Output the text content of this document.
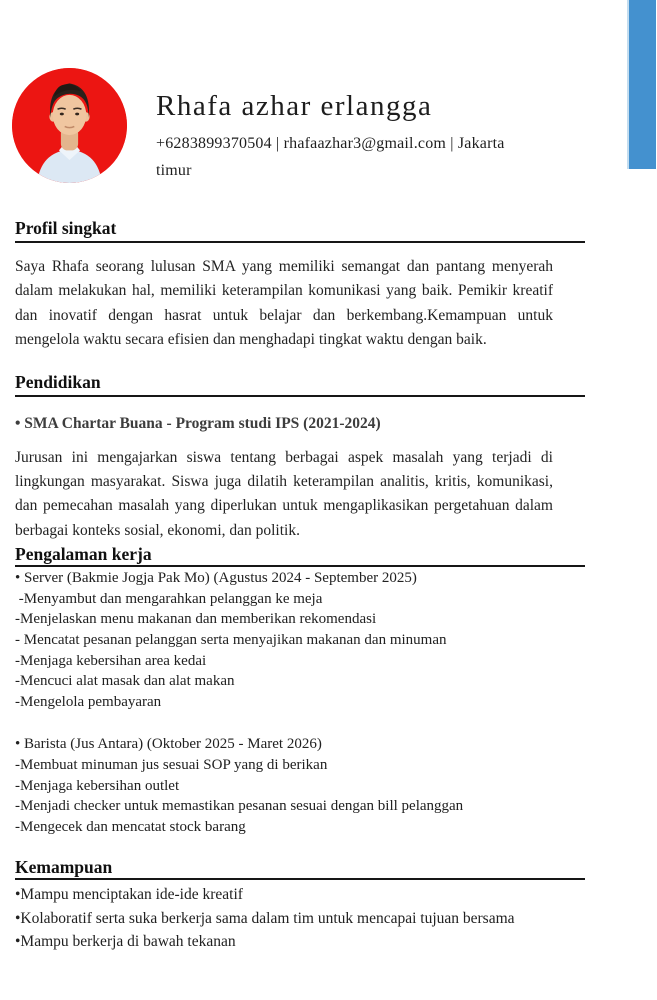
Rhafa azhar erlangga
+6283899370504 | rhafaazhar3@gmail.com | Jakarta
timur
Profil singkat

Saya Rhafa seorang lulusan SMA yang memiliki semangat dan pantang menyerah dalam melakukan hal, memiliki keterampilan komunikasi yang baik. Pemikir kreatif dan inovatif dengan hasrat untuk belajar dan berkembang.Kemampuan untuk mengelola waktu secara efisien dan menghadapi tingkat waktu dengan baik.

Pendidikan
• SMA Chartar Buana - Program studi IPS (2021-2024)

Jurusan ini mengajarkan siswa tentang berbagai aspek masalah yang terjadi di lingkungan masyarakat. Siswa juga dilatih keterampilan analitis, kritis, komunikasi, dan pemecahan masalah yang diperlukan untuk mengaplikasikan pergetahuan dalam berbagai konteks sosial, ekonomi, dan politik.

Pengalaman kerja
• Server (Bakmie Jogja Pak Mo) (Agustus 2024 - September 2025)
-Menyambut dan mengarahkan pelanggan ke meja
-Menjelaskan menu makanan dan memberikan rekomendasi
- Mencatat pesanan pelanggan serta menyajikan makanan dan minuman
-Menjaga kebersihan area kedai
-Mencuci alat masak dan alat makan
-Mengelola pembayaran
• Barista (Jus Antara) (Oktober 2025 - Maret 2026)
-Membuat minuman jus sesuai SOP yang di berikan
-Menjaga kebersihan outlet
-Menjadi checker untuk memastikan pesanan sesuai dengan bill pelanggan
-Mengecek dan mencatat stock barang
Kemampuan
•Mampu menciptakan ide-ide kreatif
•Kolaboratif serta suka berkerja sama dalam tim untuk mencapai tujuan bersama
•Mampu berkerja di bawah tekanan
